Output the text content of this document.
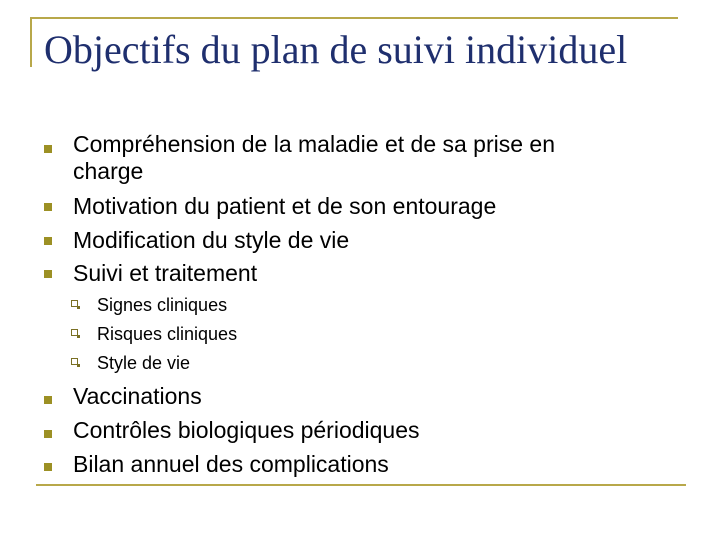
Objectifs du plan de suivi individuel
Compréhension de la maladie et de sa prise en
charge
Motivation du patient et de son entourage
Modification du style de vie
Suivi et traitement
Signes cliniques
Risques cliniques
Style de vie
Vaccinations
Contrôles biologiques périodiques
Bilan annuel des complications
